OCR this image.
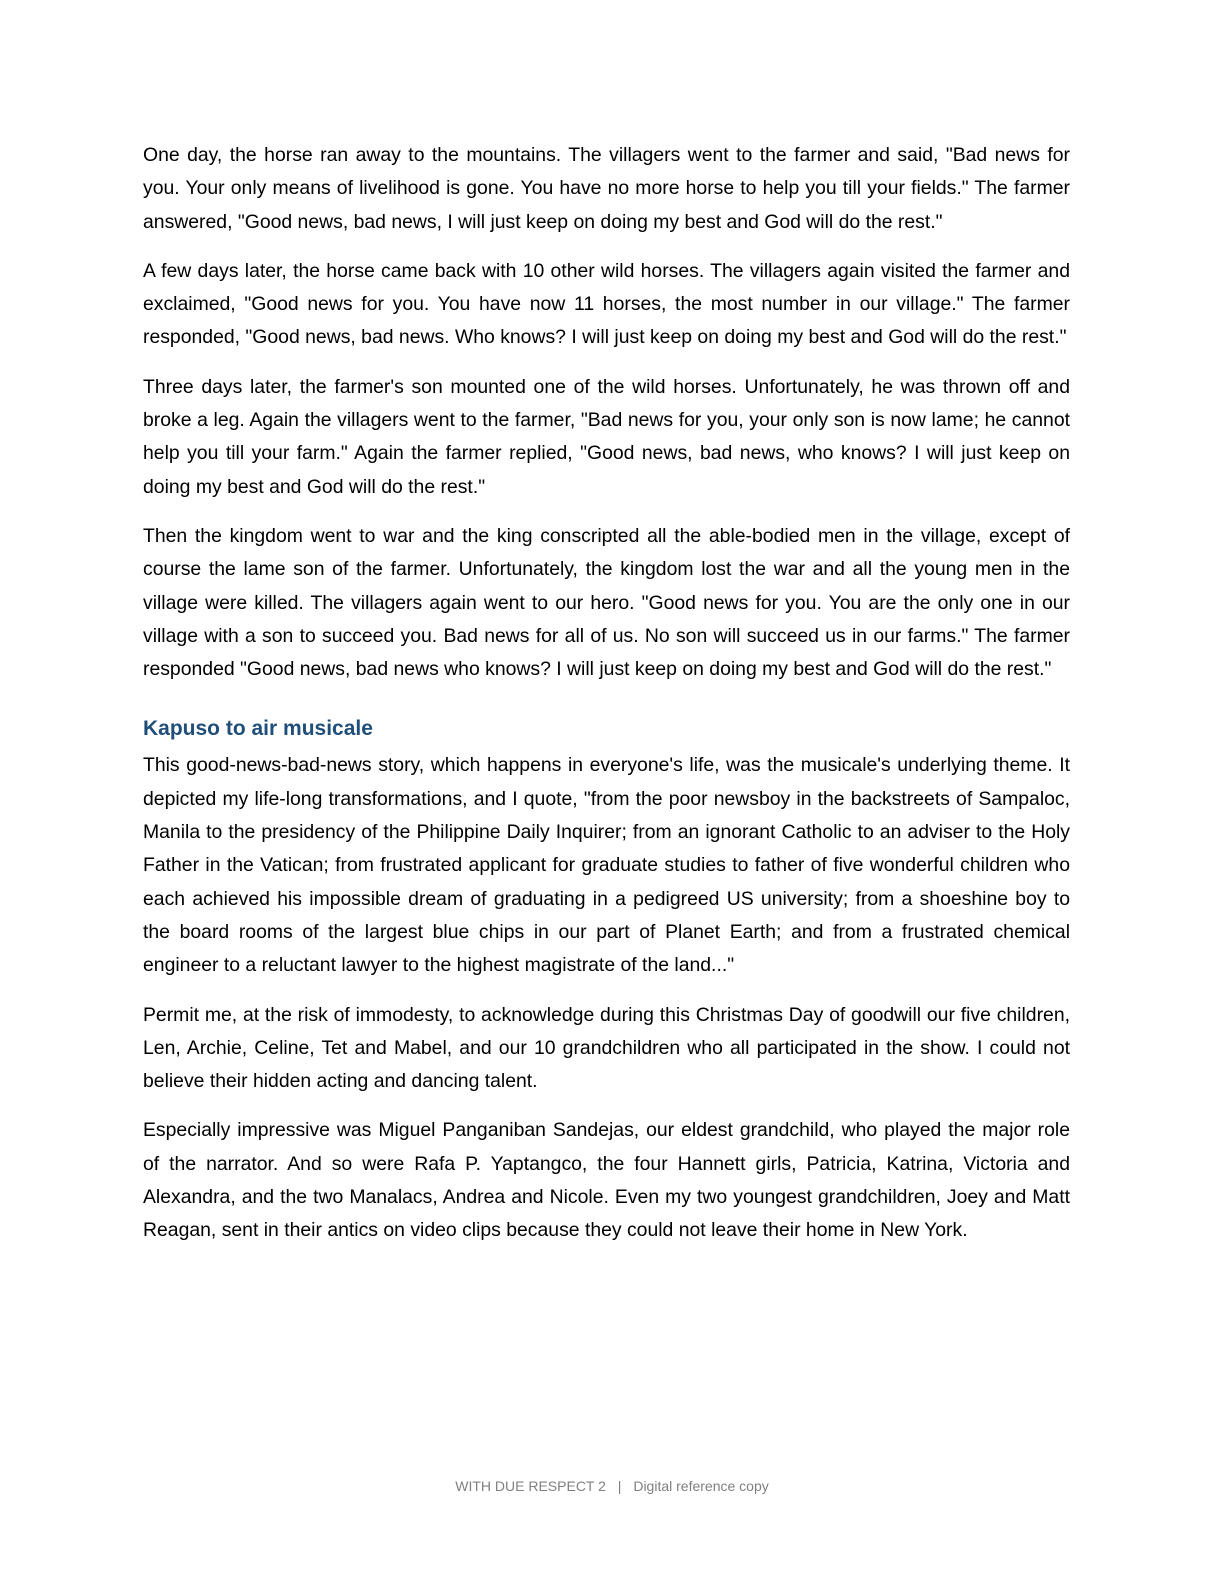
One day, the horse ran away to the mountains. The villagers went to the farmer and said, "Bad news for you. Your only means of livelihood is gone. You have no more horse to help you till your fields." The farmer answered, "Good news, bad news, I will just keep on doing my best and God will do the rest."

A few days later, the horse came back with 10 other wild horses. The villagers again visited the farmer and exclaimed, "Good news for you. You have now 11 horses, the most number in our village." The farmer responded, "Good news, bad news. Who knows? I will just keep on doing my best and God will do the rest."

Three days later, the farmer's son mounted one of the wild horses. Unfortunately, he was thrown off and broke a leg. Again the villagers went to the farmer, "Bad news for you, your only son is now lame; he cannot help you till your farm." Again the farmer replied, "Good news, bad news, who knows? I will just keep on doing my best and God will do the rest."

Then the kingdom went to war and the king conscripted all the able-bodied men in the village, except of course the lame son of the farmer. Unfortunately, the kingdom lost the war and all the young men in the village were killed. The villagers again went to our hero. "Good news for you. You are the only one in our village with a son to succeed you. Bad news for all of us. No son will succeed us in our farms." The farmer responded "Good news, bad news who knows? I will just keep on doing my best and God will do the rest."

Kapuso to air musicale

This good-news-bad-news story, which happens in everyone's life, was the musicale's underlying theme. It depicted my life-long transformations, and I quote, "from the poor newsboy in the backstreets of Sampaloc, Manila to the presidency of the Philippine Daily Inquirer; from an ignorant Catholic to an adviser to the Holy Father in the Vatican; from frustrated applicant for graduate studies to father of five wonderful children who each achieved his impossible dream of graduating in a pedigreed US university; from a shoeshine boy to the board rooms of the largest blue chips in our part of Planet Earth; and from a frustrated chemical engineer to a reluctant lawyer to the highest magistrate of the land..."

Permit me, at the risk of immodesty, to acknowledge during this Christmas Day of goodwill our five children, Len, Archie, Celine, Tet and Mabel, and our 10 grandchildren who all participated in the show. I could not believe their hidden acting and dancing talent.

Especially impressive was Miguel Panganiban Sandejas, our eldest grandchild, who played the major role of the narrator. And so were Rafa P. Yaptangco, the four Hannett girls, Patricia, Katrina, Victoria and Alexandra, and the two Manalacs, Andrea and Nicole. Even my two youngest grandchildren, Joey and Matt Reagan, sent in their antics on video clips because they could not leave their home in New York.

WITH DUE RESPECT 2 | Digital reference copy
